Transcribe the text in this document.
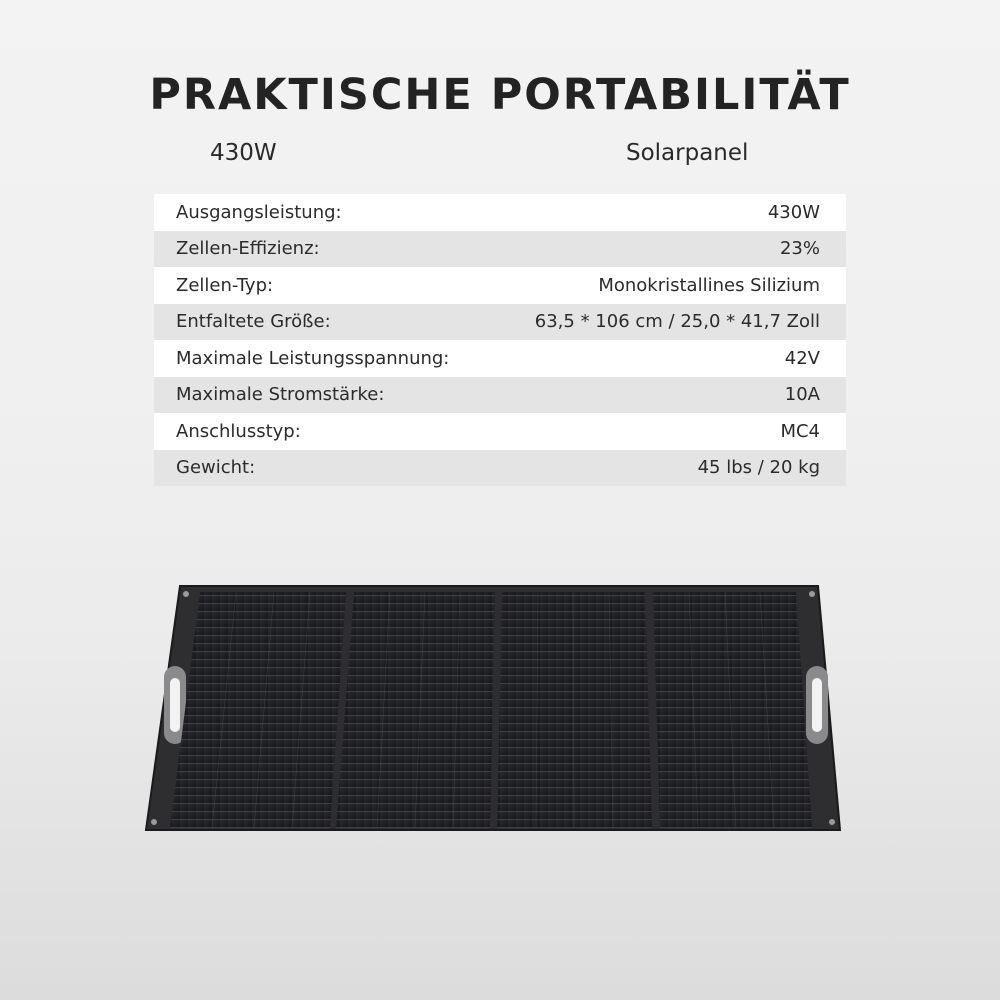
PRAKTISCHE PORTABILITÄT
430W	Solarpanel
Ausgangsleistung:	430W
Zellen-Effizienz:	23%
Zellen-Typ:	Monokristallines Silizium
Entfaltete Größe:	63,5 * 106 cm / 25,0 * 41,7 Zoll
Maximale Leistungsspannung:	42V
Maximale Stromstärke:	10A
Anschlusstyp:	MC4
Gewicht:	45 lbs / 20 kg
